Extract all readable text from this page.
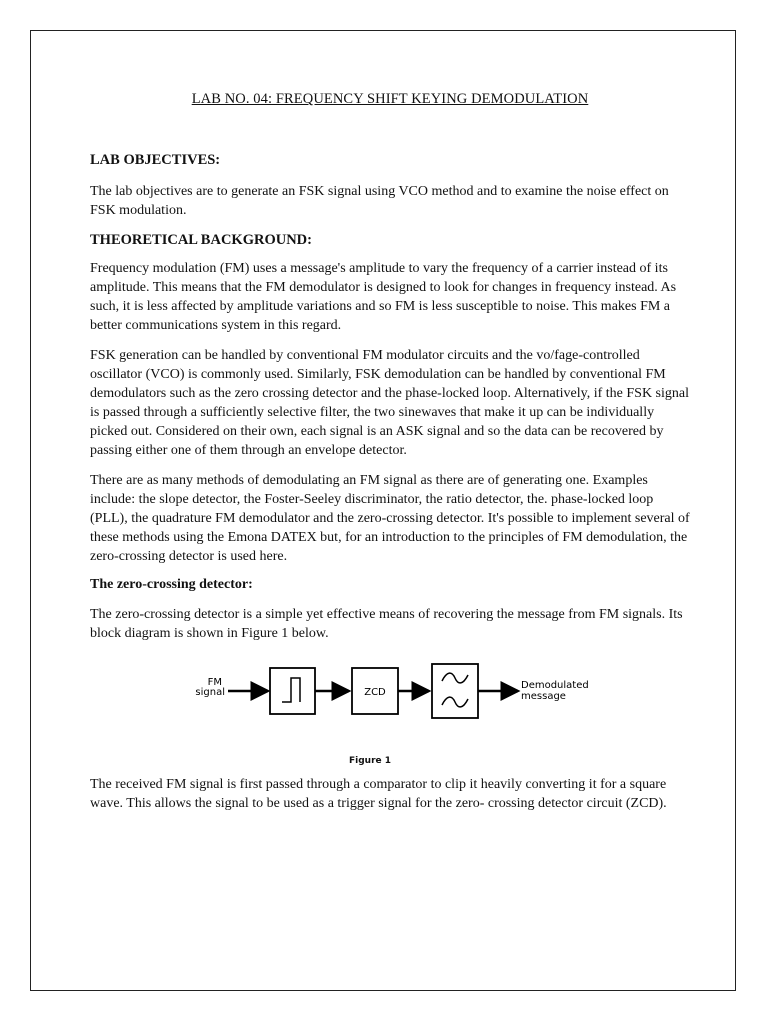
LAB NO. 04: FREQUENCY SHIFT KEYING DEMODULATION
LAB OBJECTIVES:

The lab objectives are to generate an FSK signal using VCO method and to examine the noise effect on FSK modulation.

THEORETICAL BACKGROUND:

Frequency modulation (FM) uses a message's amplitude to vary the frequency of a carrier instead of its amplitude. This means that the FM demodulator is designed to look for changes in frequency instead. As such, it is less affected by amplitude variations and so FM is less susceptible to noise. This makes FM a better communications system in this regard.

FSK generation can be handled by conventional FM modulator circuits and the vo/fage-controlled oscillator (VCO) is commonly used. Similarly, FSK demodulation can be handled by conventional FM demodulators such as the zero crossing detector and the phase-locked loop. Alternatively, if the FSK signal is passed through a sufficiently selective filter, the two sinewaves that make it up can be individually picked out. Considered on their own, each signal is an ASK signal and so the data can be recovered by passing either one of them through an envelope detector.

There are as many methods of demodulating an FM signal as there are of generating one. Examples include: the slope detector, the Foster-Seeley discriminator, the ratio detector, the. phase-locked loop (PLL), the quadrature FM demodulator and the zero-crossing detector. It's possible to implement several of these methods using the Emona DATEX but, for an introduction to the principles of FM demodulation, the zero-crossing detector is used here.

The zero-crossing detector:

The zero-crossing detector is a simple yet effective means of recovering the message from FM signals. Its block diagram is shown in Figure 1 below.

FM
signal	ZCD
Demodulated
message
Figure 1

The received FM signal is first passed through a comparator to clip it heavily converting it for a square wave. This allows the signal to be used as a trigger signal for the zero- crossing detector circuit (ZCD).
